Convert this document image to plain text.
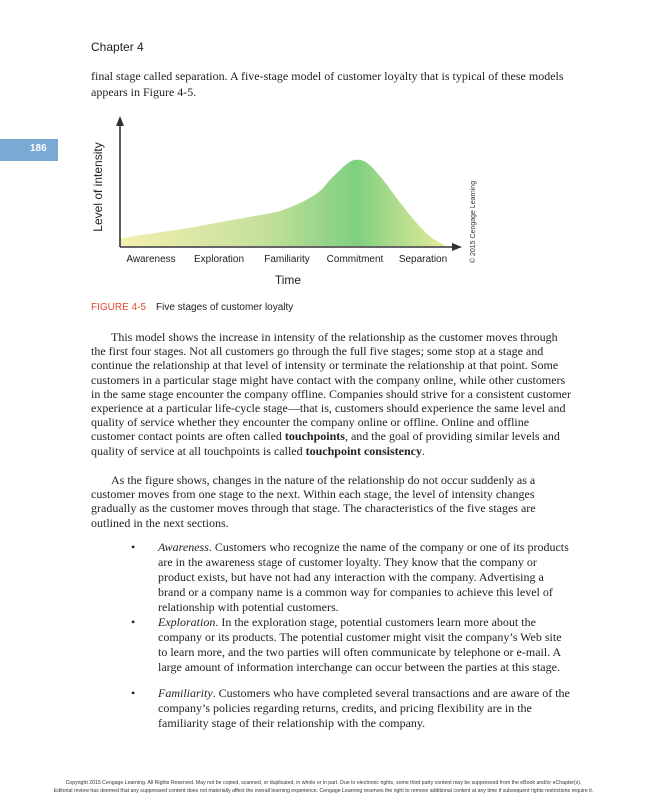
Chapter 4

final stage called separation. A five-stage model of customer loyalty that is typical of these models appears in Figure 4-5.

186
Awareness Exploration Familiarity Commitment Separation
Level of intensity
Time
© 2015 Cengage Learning
FIGURE 4-5 Five stages of customer loyalty

This model shows the increase in intensity of the relationship as the customer moves through the first four stages. Not all customers go through the full five stages; some stop at a stage and continue the relationship at that level of intensity or terminate the relationship at that point. Some customers in a particular stage might have contact with the company online, while other customers in the same stage encounter the company offline. Companies should strive for a consistent customer experience at a particular life-cycle stage—that is, customers should experience the same level and quality of service whether they encounter the company online or offline. Online and offline customer contact points are often called touchpoints, and the goal of providing similar levels and quality of service at all touchpoints is called touchpoint consistency.

As the figure shows, changes in the nature of the relationship do not occur suddenly as a customer moves from one stage to the next. Within each stage, the level of intensity changes gradually as the customer moves through that stage. The characteristics of the five stages are outlined in the next sections.

• Awareness. Customers who recognize the name of the company or one of its products are in the awareness stage of customer loyalty. They know that the company or product exists, but have not had any interaction with the company. Advertising a brand or a company name is a common way for companies to achieve this level of relationship with potential customers.
• Exploration. In the exploration stage, potential customers learn more about the company or its products. The potential customer might visit the company’s Web site to learn more, and the two parties will often communicate by telephone or e-mail. A large amount of information interchange can occur between the parties at this stage.
• Familiarity. Customers who have completed several transactions and are aware of the company’s policies regarding returns, credits, and pricing flexibility are in the familiarity stage of their relationship with the company.
Copyright 2015 Cengage Learning. All Rights Reserved. May not be copied, scanned, or duplicated, in whole or in part. Due to electronic rights, some third party content may be suppressed from the eBook and/or eChapter(s).
Editorial review has deemed that any suppressed content does not materially affect the overall learning experience. Cengage Learning reserves the right to remove additional content at any time if subsequent rights restrictions require it.
